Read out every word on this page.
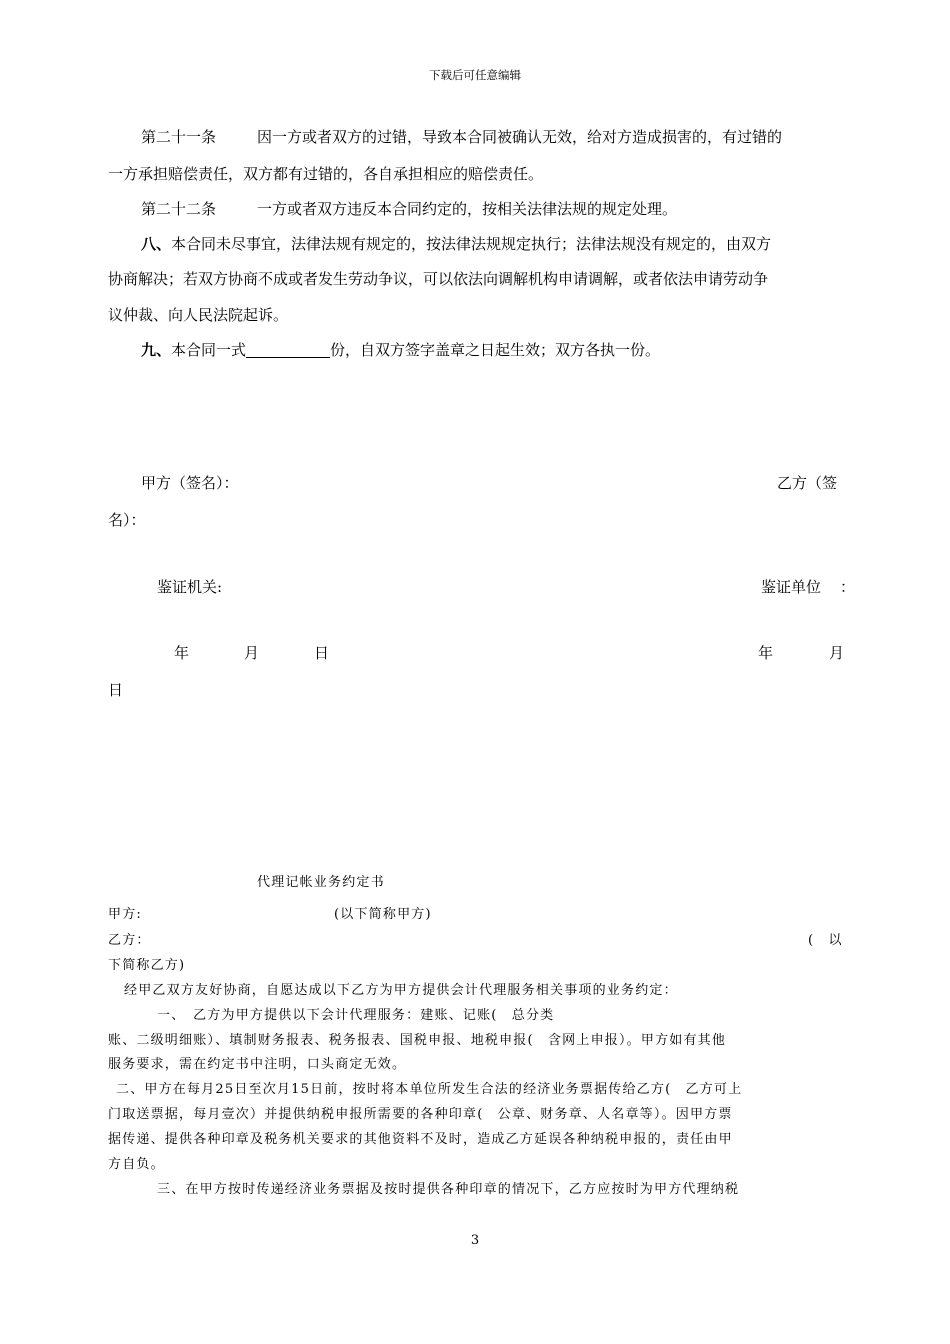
下载后可任意编辑
第二十一条	因一方或者双方的过错，导致本合同被确认无效，给对方造成损害的，有过错的
一方承担赔偿责任，双方都有过错的，各自承担相应的赔偿责任。
第二十二条	一方或者双方违反本合同约定的，按相关法律法规的规定处理。
八、本合同未尽事宜，法律法规有规定的，按法律法规规定执行；法律法规没有规定的，由双方
协商解决；若双方协商不成或者发生劳动争议，可以依法向调解机构申请调解，或者依法申请劳动争
议仲裁、向人民法院起诉。
九、本合同一式	份，自双方签字盖章之日起生效；双方各执一份。
甲方（签名）：	乙方（签
名）：
鉴证机关:	鉴证单位 ：
年	月	日	年	月
日
代理记帐业务约定书
甲方:	(以下简称甲方)
乙方：	(　以
下简称乙方)
经甲乙双方友好协商，自愿达成以下乙方为甲方提供会计代理服务相关事项的业务约定：
一、　乙方为甲方提供以下会计代理服务：建账、记账(　总分类
账、二级明细账）、填制财务报表、税务报表、国税申报、地税申报(　含网上申报）。甲方如有其他
服务要求，需在约定书中注明，口头商定无效。
二、甲方在每月25日至次月15日前，按时将本单位所发生合法的经济业务票据传给乙方(　乙方可上
门取送票据，每月壹次）并提供纳税申报所需要的各种印章(　公章、财务章、人名章等）。因甲方票
据传递、提供各种印章及税务机关要求的其他资料不及时，造成乙方延误各种纳税申报的，责任由甲
方自负。
三、在甲方按时传递经济业务票据及按时提供各种印章的情况下，乙方应按时为甲方代理纳税
3
